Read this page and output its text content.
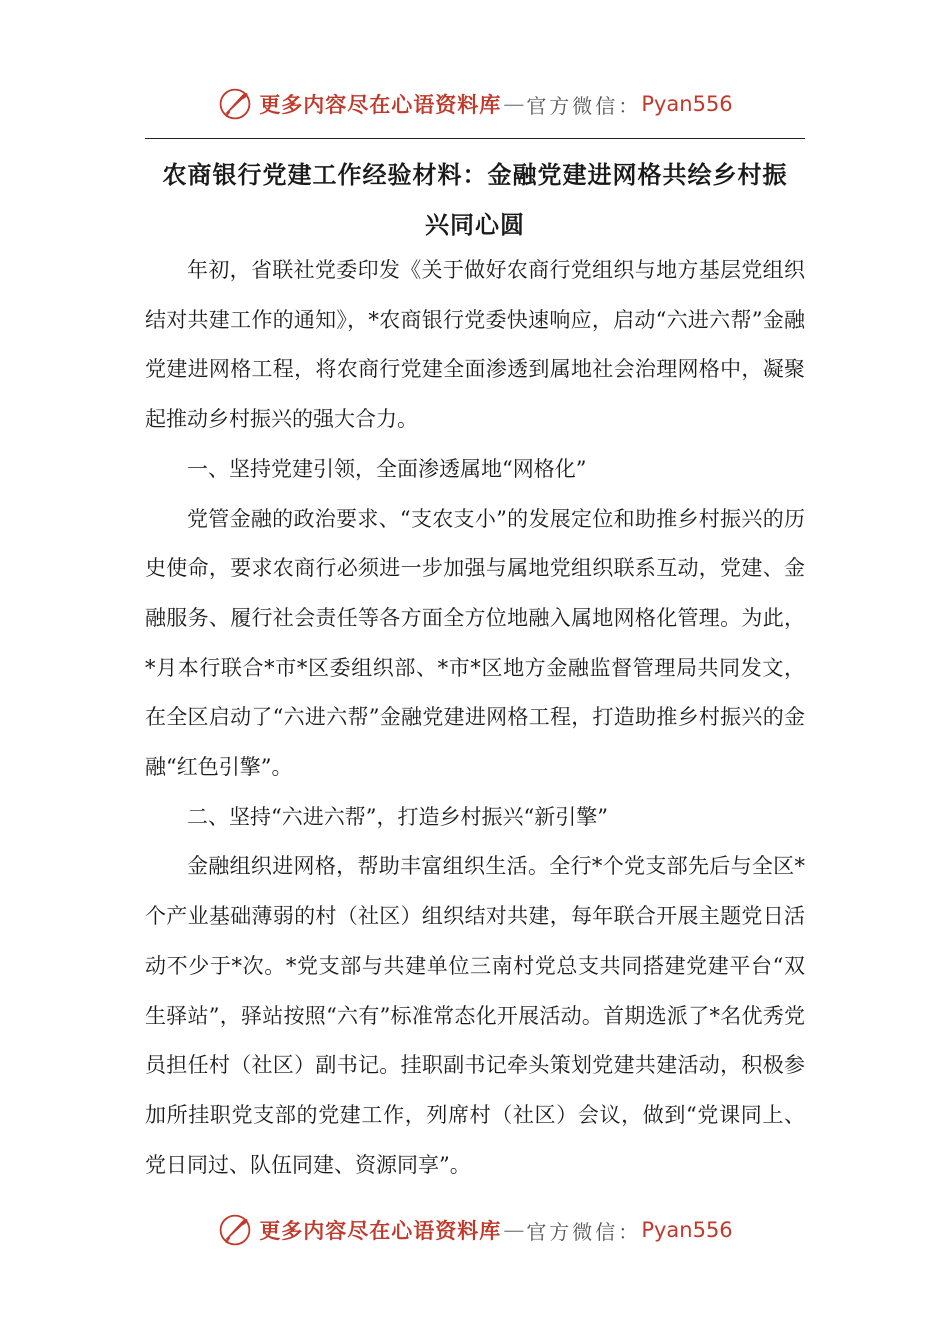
更多内容尽在心语资料库 — 官方微信： Pyan556
农商银行党建工作经验材料：金融党建进网格共绘乡村振
兴同心圆

年初，省联社党委印发《关于做好农商行党组织与地方基层党组织结对共建工作的通知》，*农商银行党委快速响应，启动“六进六帮”金融党建进网格工程，将农商行党建全面渗透到属地社会治理网格中，凝聚起推动乡村振兴的强大合力。

一、坚持党建引领，全面渗透属地“网格化”

党管金融的政治要求、“支农支小”的发展定位和助推乡村振兴的历史使命，要求农商行必须进一步加强与属地党组织联系互动，党建、金融服务、履行社会责任等各方面全方位地融入属地网格化管理。为此，*月本行联合*市*区委组织部、*市*区地方金融监督管理局共同发文，在全区启动了“六进六帮”金融党建进网格工程，打造助推乡村振兴的金融“红色引擎”。

二、坚持“六进六帮”，打造乡村振兴“新引擎”

金融组织进网格，帮助丰富组织生活。全行*个党支部先后与全区*个产业基础薄弱的村（社区）组织结对共建，每年联合开展主题党日活动不少于*次。*党支部与共建单位三南村党总支共同搭建党建平台“双生驿站”，驿站按照“六有”标准常态化开展活动。首期选派了*名优秀党员担任村（社区）副书记。挂职副书记牵头策划党建共建活动，积极参加所挂职党支部的党建工作，列席村（社区）会议，做到“党课同上、党日同过、队伍同建、资源同享”。

更多内容尽在心语资料库 — 官方微信： Pyan556
